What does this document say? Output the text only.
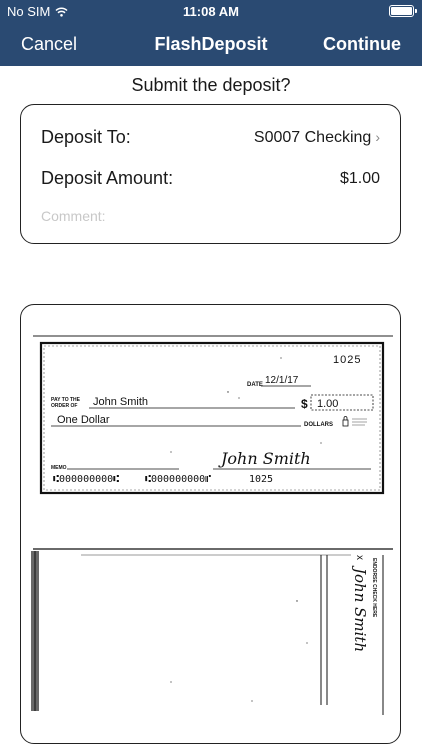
No SIM	11:08 AM
Cancel	FlashDeposit	Continue
Submit the deposit?
Deposit To:	S0007 Checking ›
Deposit Amount:	$1.00
Comment:
1025
DATE 12/1/17
PAY TO THE
ORDER OF John Smith	$ 1.00
One Dollar	DOLLARS
MEMO	John Smith
⑆000000000⑆	⑆000000000⑈	1025
ENDORSE CHECK HERE
x
John Smith
